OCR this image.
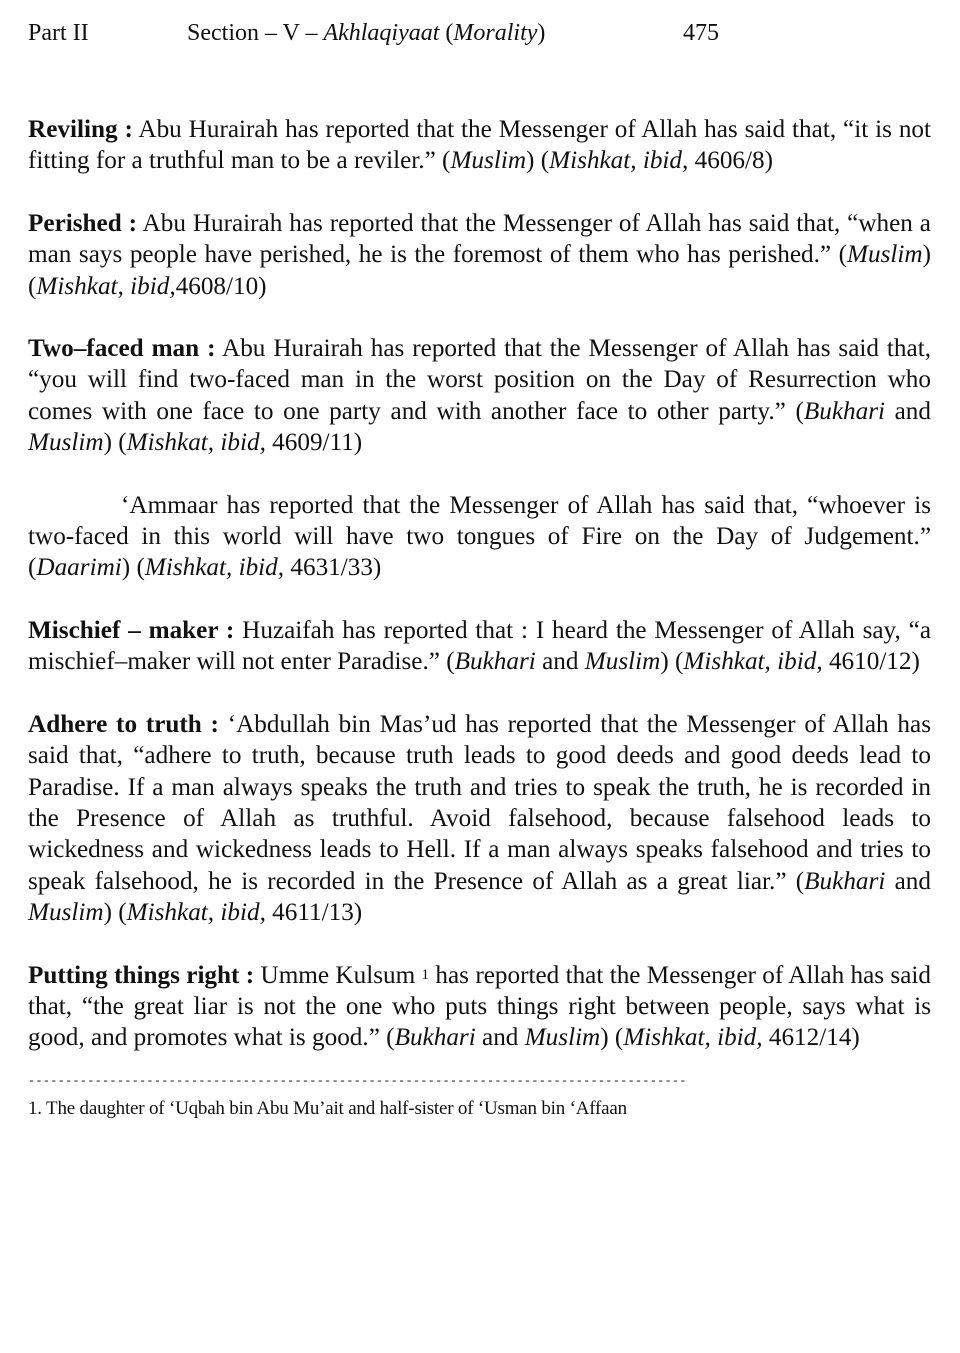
Part II	Section – V – Akhlaqiyaat (Morality)	475

Reviling : Abu Hurairah has reported that the Messenger of Allah has said that, “it is not fitting for a truthful man to be a reviler.” (Muslim) (Mishkat, ibid, 4606/8)

Perished : Abu Hurairah has reported that the Messenger of Allah has said that, “when a man says people have perished, he is the foremost of them who has perished.” (Muslim) (Mishkat, ibid,4608/10)

Two–faced man : Abu Hurairah has reported that the Messenger of Allah has said that, “you will find two-faced man in the worst position on the Day of Resurrection who comes with one face to one party and with another face to other party.” (Bukhari and Muslim) (Mishkat, ibid, 4609/11)

‘Ammaar has reported that the Messenger of Allah has said that, “whoever is two-faced in this world will have two tongues of Fire on the Day of Judgement.” (Daarimi) (Mishkat, ibid, 4631/33)

Mischief – maker : Huzaifah has reported that : I heard the Messenger of Allah say, “a mischief–maker will not enter Paradise.” (Bukhari and Muslim) (Mishkat, ibid, 4610/12)

Adhere to truth : ‘Abdullah bin Mas’ud has reported that the Messenger of Allah has said that, “adhere to truth, because truth leads to good deeds and good deeds lead to Paradise. If a man always speaks the truth and tries to speak the truth, he is recorded in the Presence of Allah as truthful. Avoid falsehood, because falsehood leads to wickedness and wickedness leads to Hell. If a man always speaks falsehood and tries to speak falsehood, he is recorded in the Presence of Allah as a great liar.” (Bukhari and Muslim) (Mishkat, ibid, 4611/13)

Putting things right : Umme Kulsum $^1$ has reported that the Messenger of Allah has said that, “the great liar is not the one who puts things right between people, says what is good, and promotes what is good.” (Bukhari and Muslim) (Mishkat, ibid, 4612/14)

-----------------------------------------------------------------------------------------
1. The daughter of ‘Uqbah bin Abu Mu’ait and half-sister of ‘Usman bin ‘Affaan
